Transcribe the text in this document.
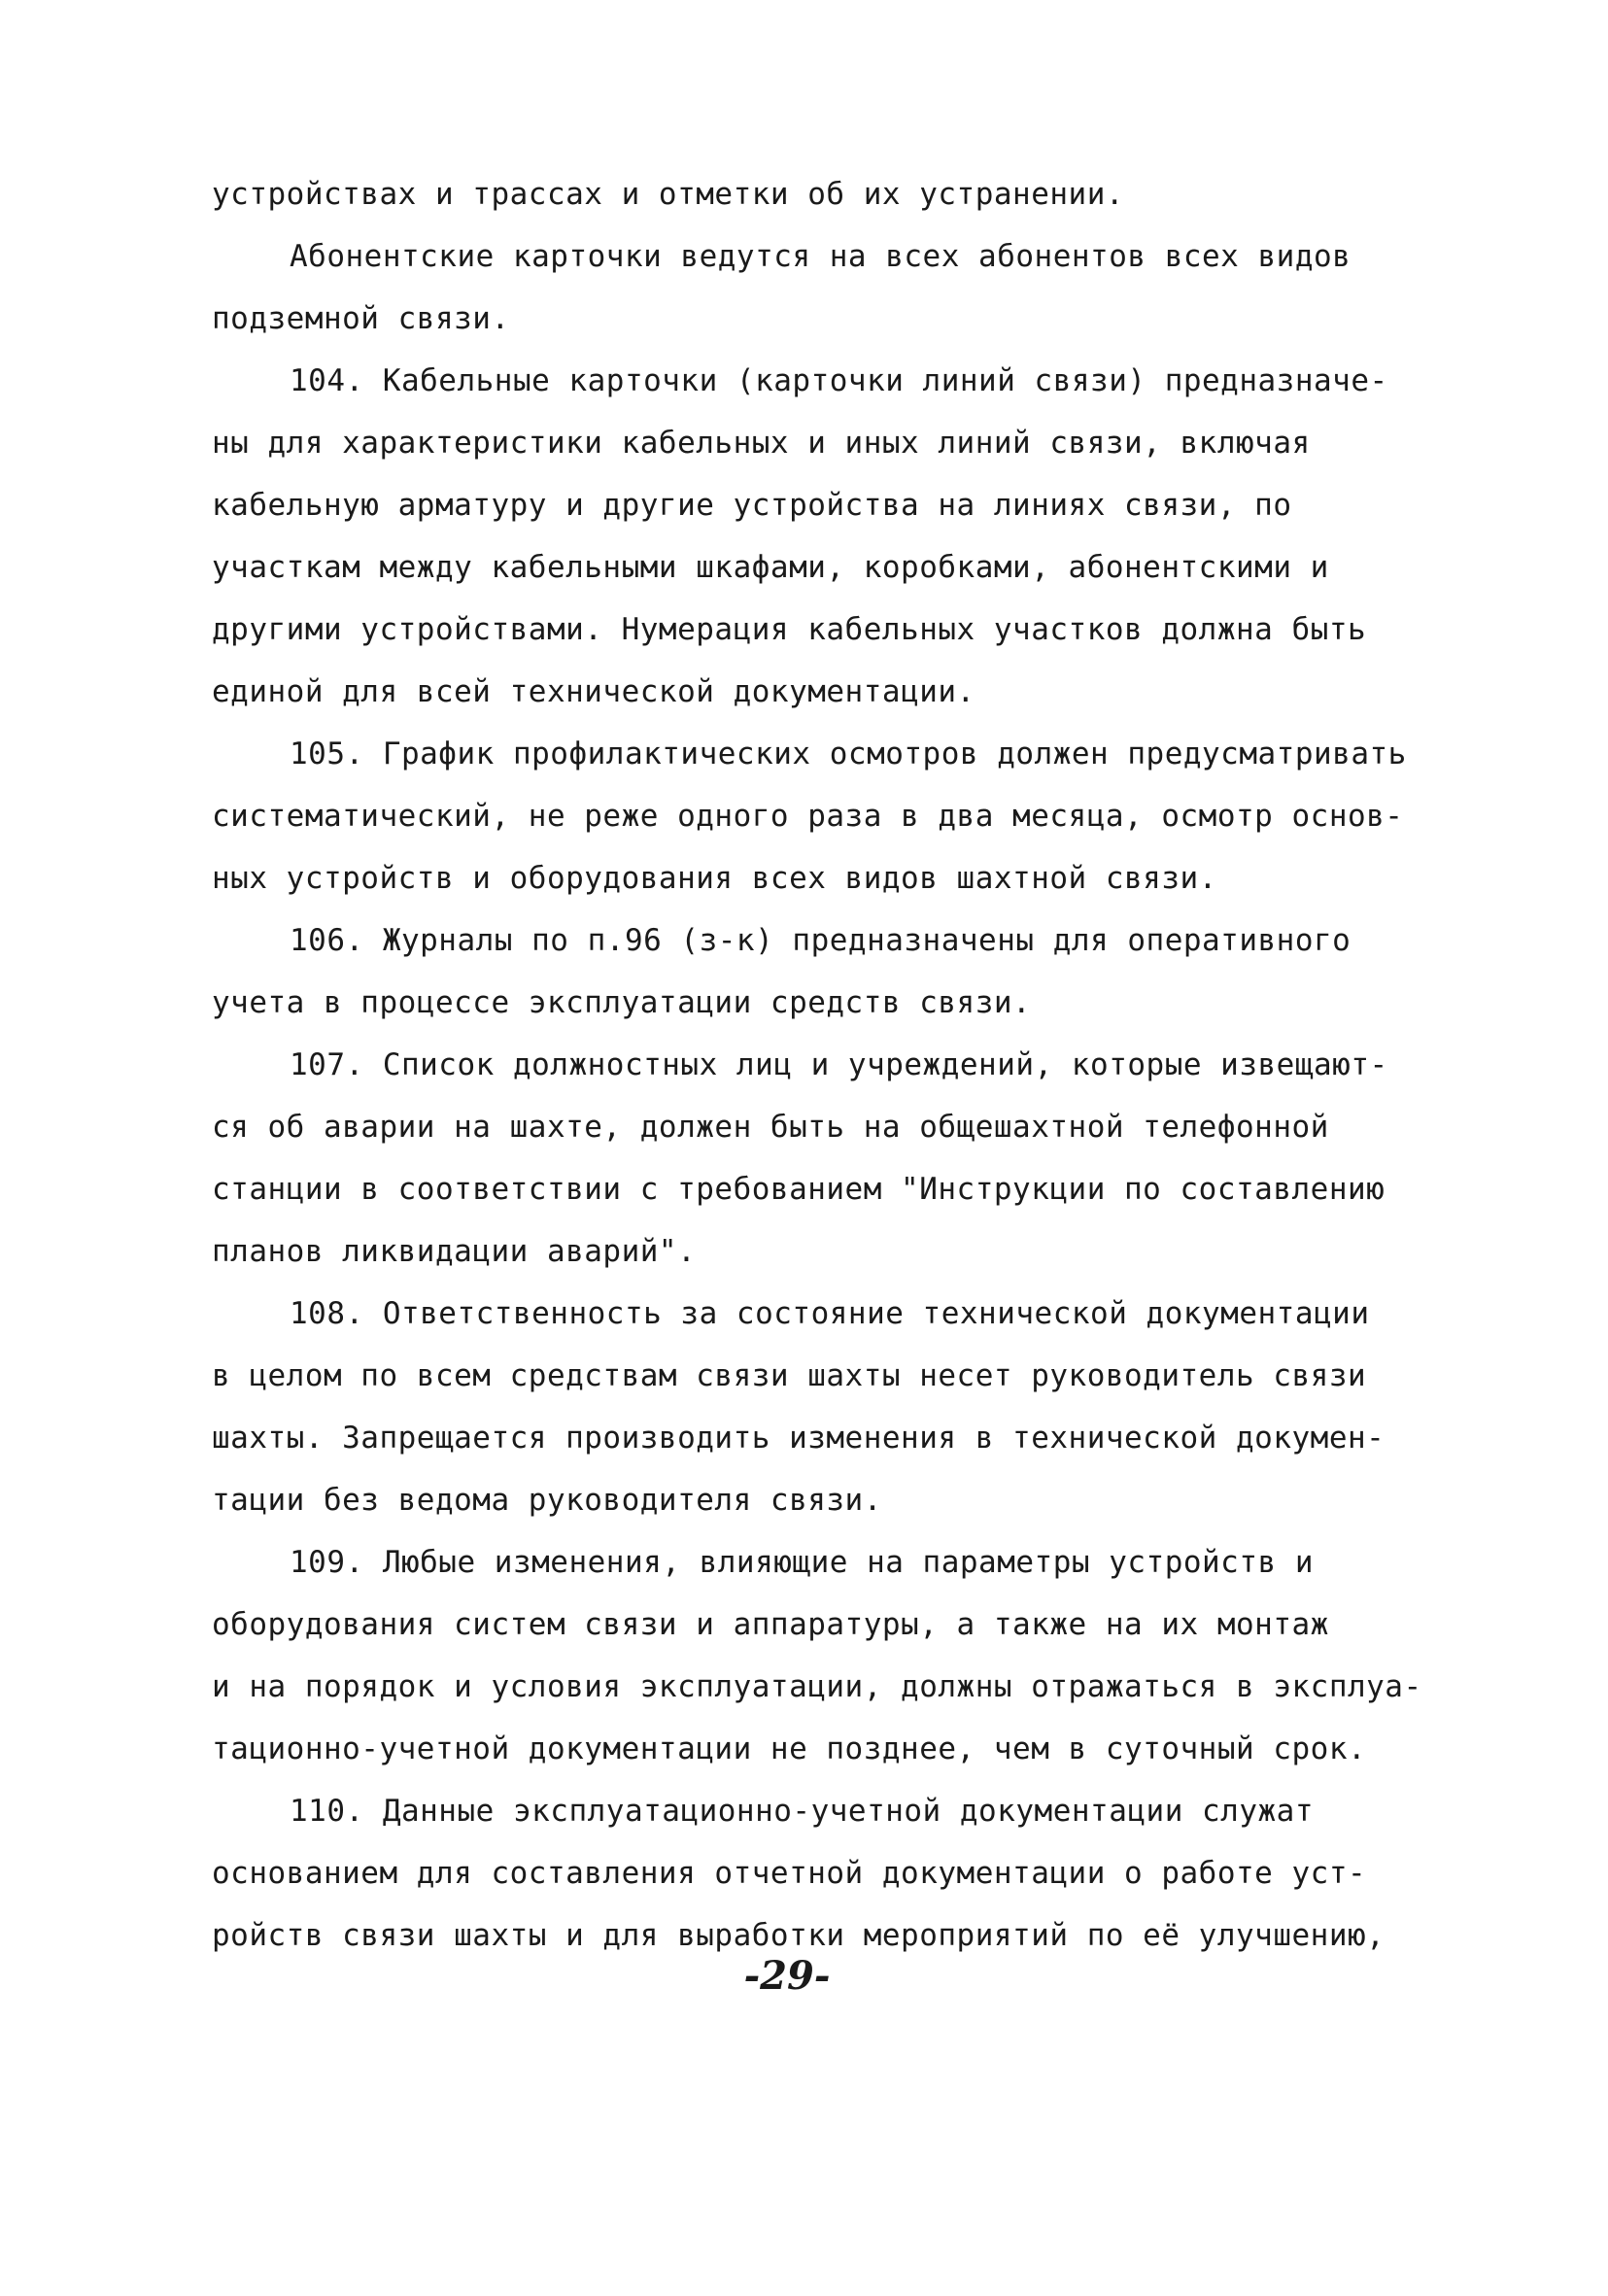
устройствах и трассах и отметки об их устранении.
Абонентские карточки ведутся на всех абонентов всех видов
подземной связи.
104. Кабельные карточки (карточки линий связи) предназначе-
ны для характеристики кабельных и иных линий связи, включая
кабельную арматуру и другие устройства на линиях связи, по
участкам между кабельными шкафами, коробками, абонентскими и
другими устройствами. Нумерация кабельных участков должна быть
единой для всей технической документации.
105. График профилактических осмотров должен предусматривать
систематический, не реже одного раза в два месяца, осмотр основ-
ных устройств и оборудования всех видов шахтной связи.
106. Журналы по п.96 (з-к) предназначены для оперативного
учета в процессе эксплуатации средств связи.
107. Список должностных лиц и учреждений, которые извещают-
ся об аварии на шахте, должен быть на общешахтной телефонной
станции в соответствии с требованием "Инструкции по составлению
планов ликвидации аварий".
108. Ответственность за состояние технической документации
в целом по всем средствам связи шахты несет руководитель связи
шахты. Запрещается производить изменения в технической докумен-
тации без ведома руководителя связи.
109. Любые изменения, влияющие на параметры устройств и
оборудования систем связи и аппаратуры, а также на их монтаж
и на порядок и условия эксплуатации, должны отражаться в эксплуа-
тационно-учетной документации не позднее, чем в суточный срок.
110. Данные эксплуатационно-учетной документации служат
основанием для составления отчетной документации о работе уст-
ройств связи шахты и для выработки мероприятий по её улучшению,
-29-
